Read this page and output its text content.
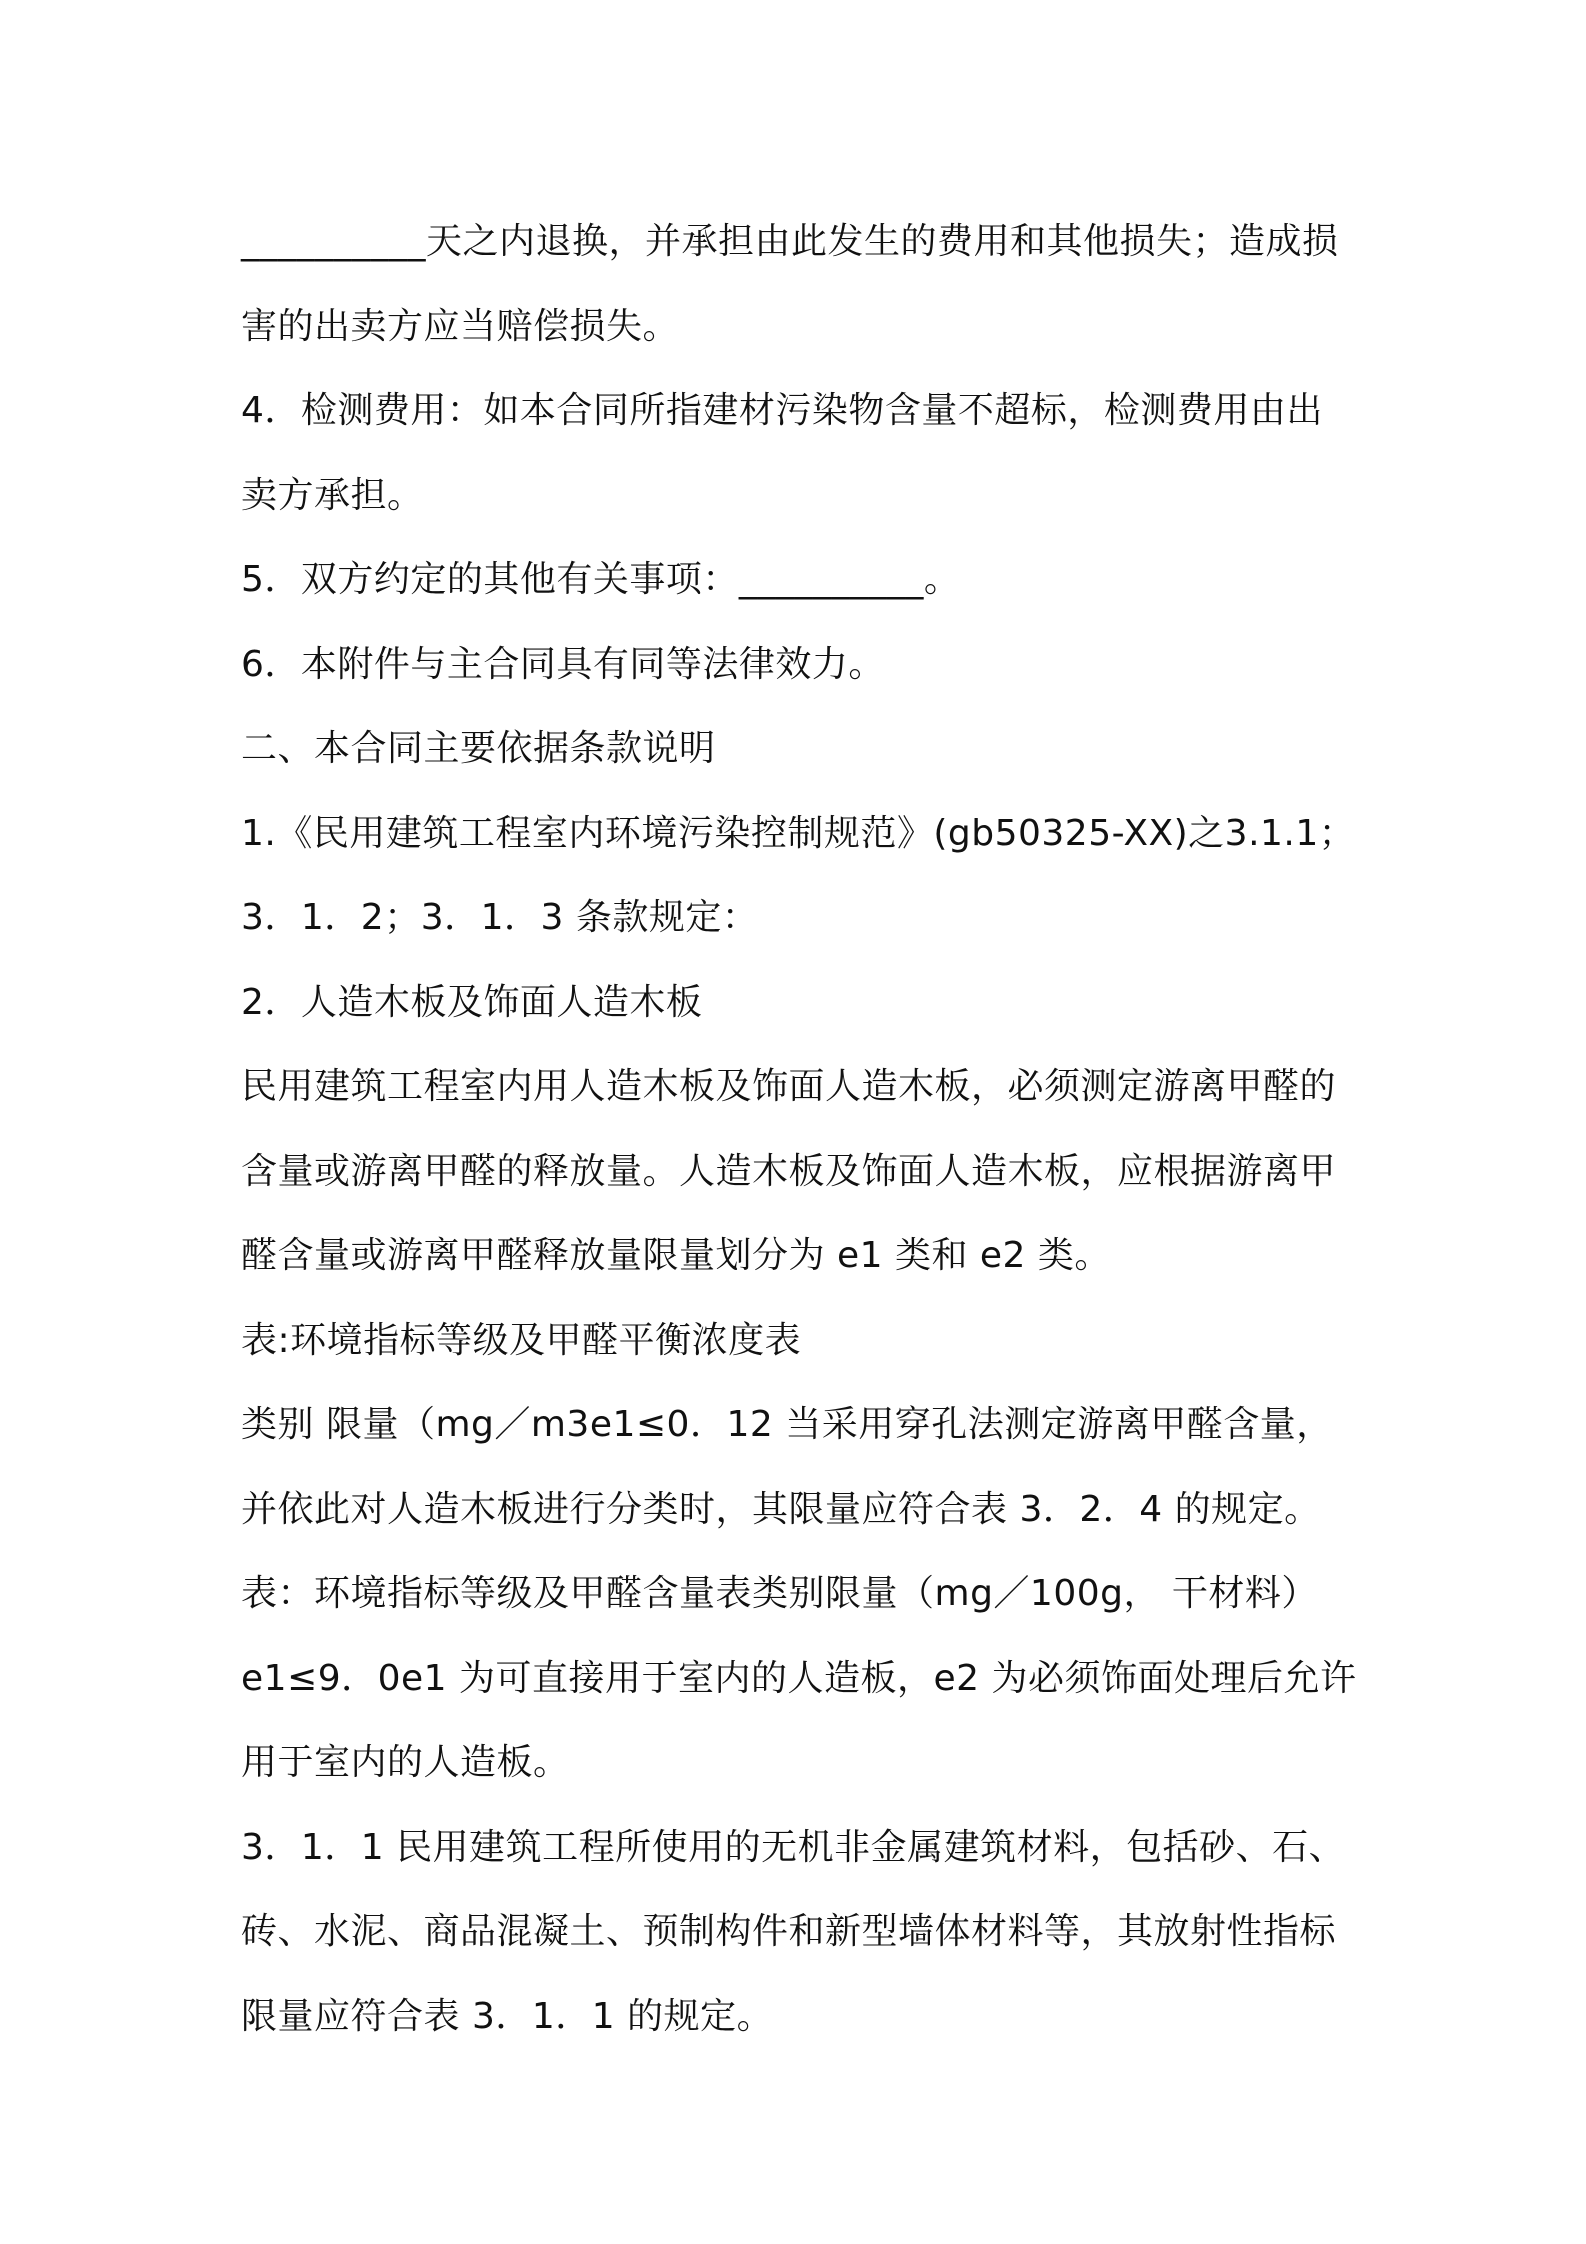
__________天之内退换，并承担由此发生的费用和其他损失；造成损
害的出卖方应当赔偿损失。
4．检测费用：如本合同所指建材污染物含量不超标，检测费用由出
卖方承担。
5．双方约定的其他有关事项：__________。
6．本附件与主合同具有同等法律效力。
二、本合同主要依据条款说明
1.《民用建筑工程室内环境污染控制规范》(gb50325-XX)之3.1.1；
3．1．2；3．1．3 条款规定：
2．人造木板及饰面人造木板
民用建筑工程室内用人造木板及饰面人造木板，必须测定游离甲醛的
含量或游离甲醛的释放量。人造木板及饰面人造木板，应根据游离甲
醛含量或游离甲醛释放量限量划分为 e1 类和 e2 类。
表:环境指标等级及甲醛平衡浓度表
类别 限量（mg／m3e1≤0．12 当采用穿孔法测定游离甲醛含量，
并依此对人造木板进行分类时，其限量应符合表 3．2．4 的规定。
表：环境指标等级及甲醛含量表类别限量（mg／100g， 干材料）
e1≤9．0e1 为可直接用于室内的人造板，e2 为必须饰面处理后允许
用于室内的人造板。
3．1．1 民用建筑工程所使用的无机非金属建筑材料，包括砂、石、
砖、水泥、商品混凝土、预制构件和新型墙体材料等，其放射性指标
限量应符合表 3．1．1 的规定。
